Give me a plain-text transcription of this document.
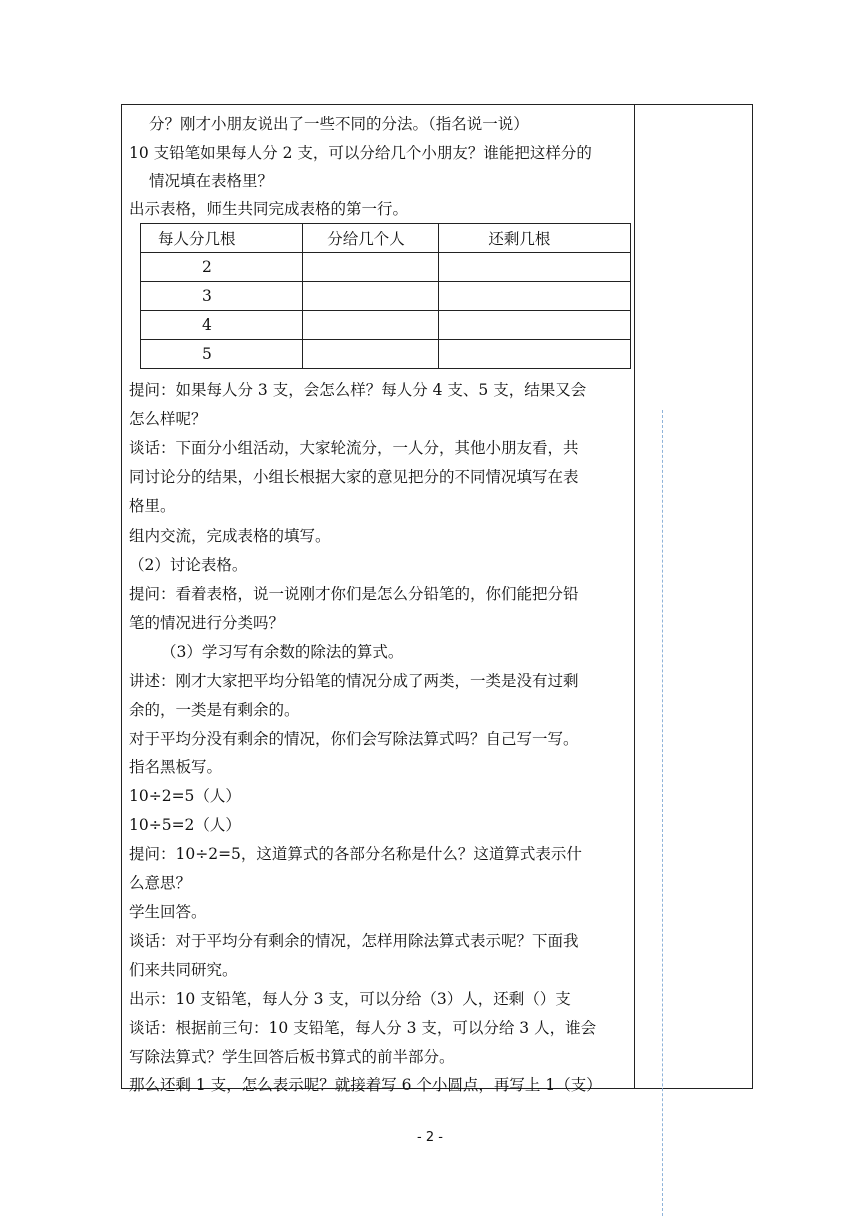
分？刚才小朋友说出了一些不同的分法。（指名说一说）
10 支铅笔如果每人分 2 支，可以分给几个小朋友？谁能把这样分的
情况填在表格里？
出示表格，师生共同完成表格的第一行。
每人分几根	分给几个人	还剩几根
2		
3		
4		
5		
提问：如果每人分 3 支，会怎么样？每人分 4 支、5 支，结果又会
怎么样呢？
谈话：下面分小组活动，大家轮流分，一人分，其他小朋友看，共
同讨论分的结果，小组长根据大家的意见把分的不同情况填写在表
格里。
组内交流，完成表格的填写。
（2）讨论表格。
提问：看着表格，说一说刚才你们是怎么分铅笔的，你们能把分铅
笔的情况进行分类吗？
（3）学习写有余数的除法的算式。
讲述：刚才大家把平均分铅笔的情况分成了两类，一类是没有过剩
余的，一类是有剩余的。
对于平均分没有剩余的情况，你们会写除法算式吗？自己写一写。
指名黑板写。
10÷2=5（人）
10÷5=2（人）
提问：10÷2=5，这道算式的各部分名称是什么？这道算式表示什
么意思？
学生回答。
谈话：对于平均分有剩余的情况，怎样用除法算式表示呢？下面我
们来共同研究。
出示：10 支铅笔，每人分 3 支，可以分给（3）人，还剩（）支
谈话：根据前三句：10 支铅笔，每人分 3 支，可以分给 3 人，谁会
写除法算式？学生回答后板书算式的前半部分。
那么还剩 1 支，怎么表示呢？就接着写 6 个小圆点，再写上 1（支）
- 2 -
